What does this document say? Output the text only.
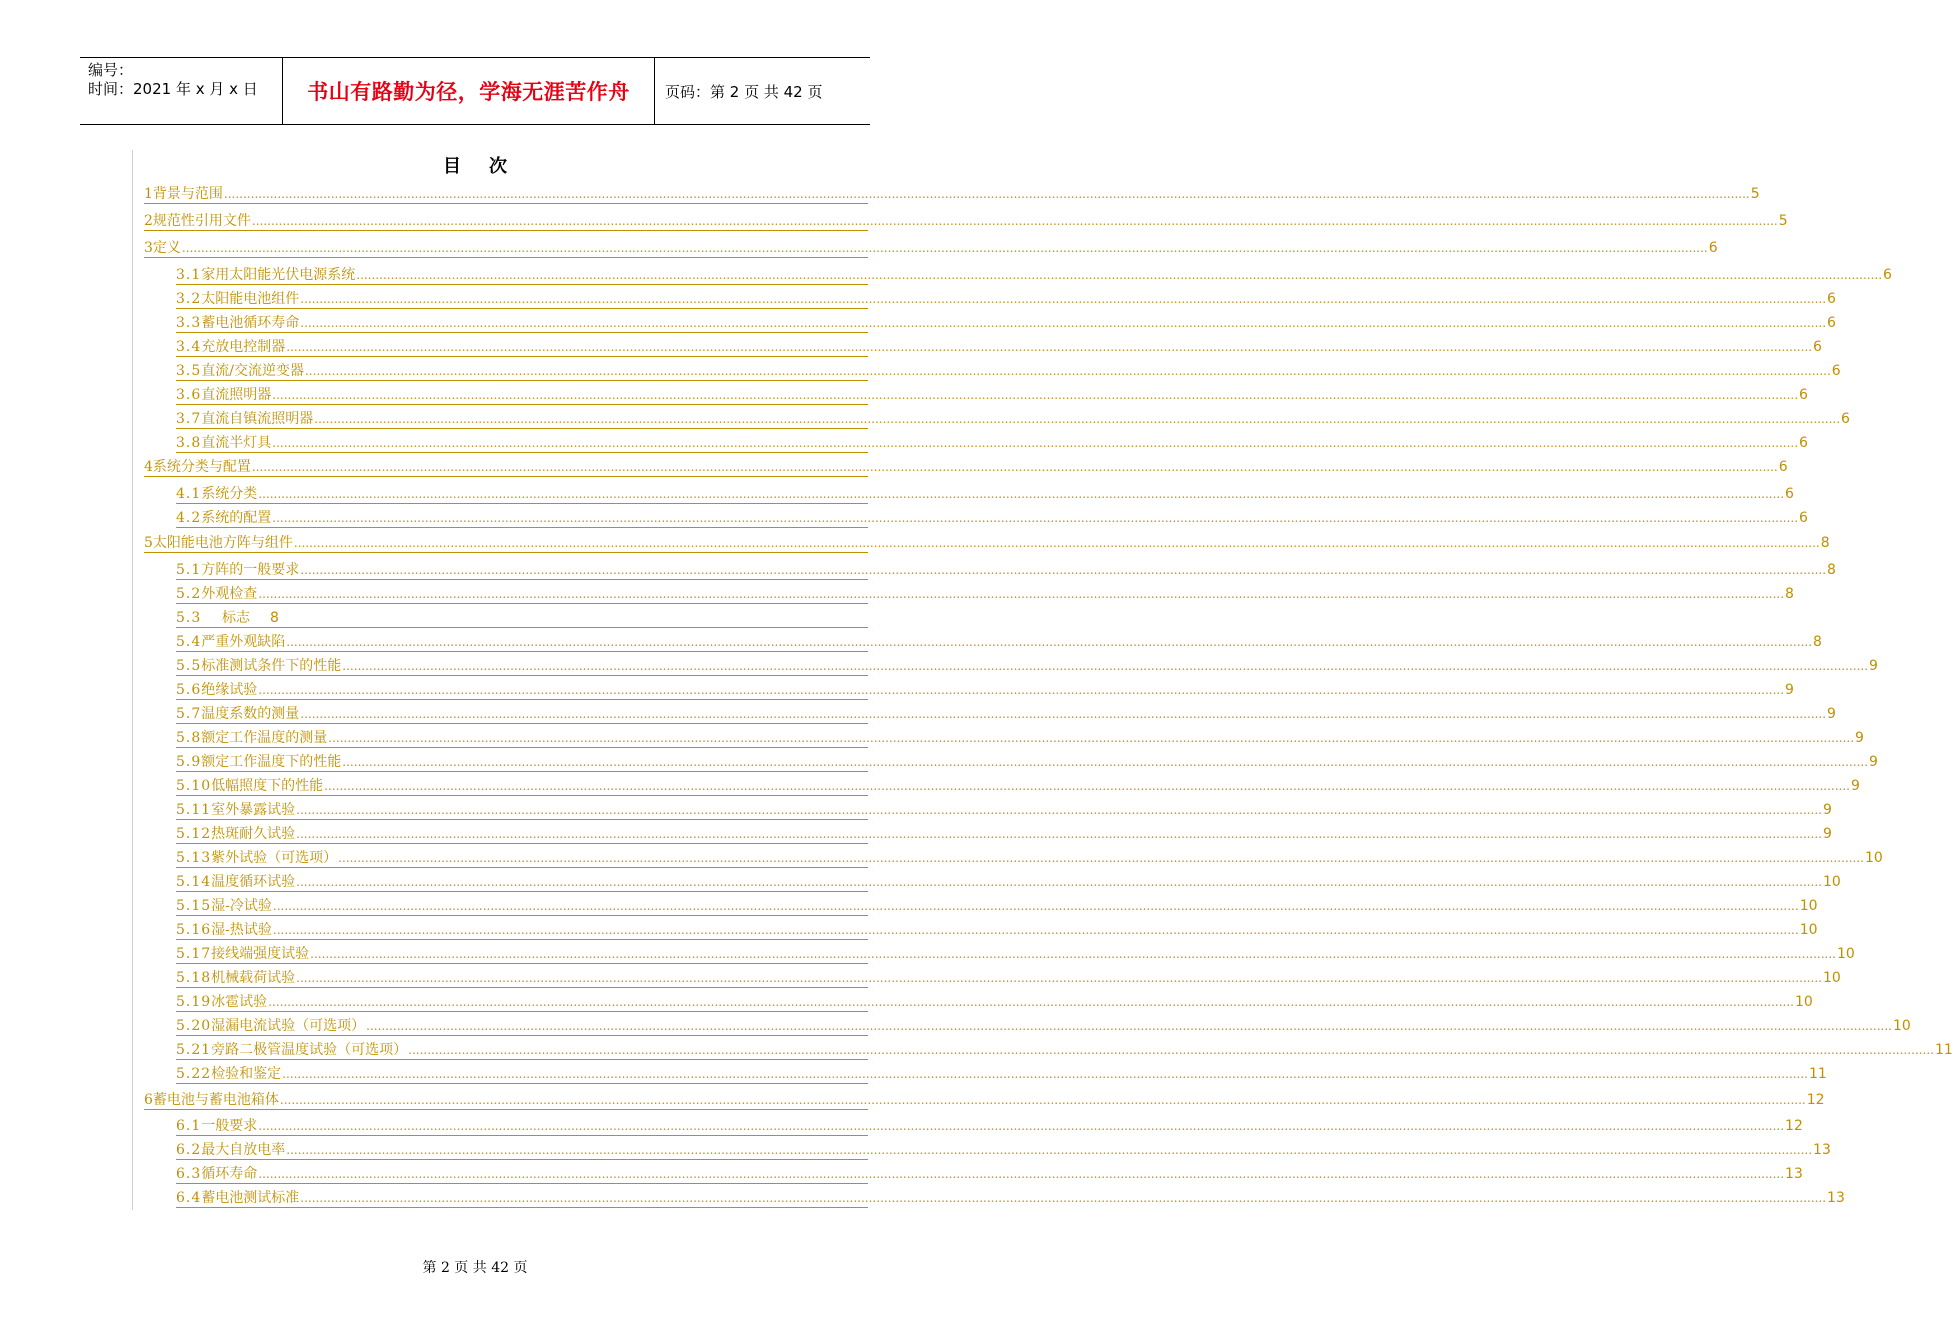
编号：
时间：2021 年 x 月 x 日	书山有路勤为径，学海无涯苦作舟 页码：第 2 页 共 42 页
目 次
1 背景与范围 ................................................................................................................................................................................................................................................................................................................................................................................................................ 5
2 规范性引用文件 ................................................................................................................................................................................................................................................................................................................................................................................................................ 5
3 定义 ................................................................................................................................................................................................................................................................................................................................................................................................................ 6
3.1 家用太阳能光伏电源系统 ................................................................................................................................................................................................................................................................................................................................................................................................................ 6
3.2 太阳能电池组件 ................................................................................................................................................................................................................................................................................................................................................................................................................ 6
3.3 蓄电池循环寿命 ................................................................................................................................................................................................................................................................................................................................................................................................................ 6
3.4 充放电控制器 ................................................................................................................................................................................................................................................................................................................................................................................................................ 6
3.5 直流/交流逆变器 ................................................................................................................................................................................................................................................................................................................................................................................................................ 6
3.6 直流照明器 ................................................................................................................................................................................................................................................................................................................................................................................................................ 6
3.7 直流自镇流照明器 ................................................................................................................................................................................................................................................................................................................................................................................................................ 6
3.8 直流半灯具 ................................................................................................................................................................................................................................................................................................................................................................................................................ 6
4 系统分类与配置 ................................................................................................................................................................................................................................................................................................................................................................................................................ 6
4.1 系统分类 ................................................................................................................................................................................................................................................................................................................................................................................................................ 6
4.2 系统的配置 ................................................................................................................................................................................................................................................................................................................................................................................................................ 6
5 太阳能电池方阵与组件 ................................................................................................................................................................................................................................................................................................................................................................................................................ 8
5.1 方阵的一般要求 ................................................................................................................................................................................................................................................................................................................................................................................................................ 8
5.2 外观检查 ................................................................................................................................................................................................................................................................................................................................................................................................................ 8
5.3	标志 8
5.4 严重外观缺陷 ................................................................................................................................................................................................................................................................................................................................................................................................................ 8
5.5 标准测试条件下的性能 ................................................................................................................................................................................................................................................................................................................................................................................................................ 9
5.6 绝缘试验 ................................................................................................................................................................................................................................................................................................................................................................................................................ 9
5.7 温度系数的测量 ................................................................................................................................................................................................................................................................................................................................................................................................................ 9
5.8 额定工作温度的测量 ................................................................................................................................................................................................................................................................................................................................................................................................................ 9
5.9 额定工作温度下的性能 ................................................................................................................................................................................................................................................................................................................................................................................................................ 9
5.10 低幅照度下的性能 ................................................................................................................................................................................................................................................................................................................................................................................................................ 9
5.11 室外暴露试验 ................................................................................................................................................................................................................................................................................................................................................................................................................ 9
5.12 热斑耐久试验 ................................................................................................................................................................................................................................................................................................................................................................................................................ 9
5.13 紫外试验（可选项） ................................................................................................................................................................................................................................................................................................................................................................................................................ 10
5.14 温度循环试验 ................................................................................................................................................................................................................................................................................................................................................................................................................ 10
5.15 湿-冷试验 ................................................................................................................................................................................................................................................................................................................................................................................................................ 10
5.16 湿-热试验 ................................................................................................................................................................................................................................................................................................................................................................................................................ 10
5.17 接线端强度试验 ................................................................................................................................................................................................................................................................................................................................................................................................................ 10
5.18 机械载荷试验 ................................................................................................................................................................................................................................................................................................................................................................................................................ 10
5.19 冰雹试验 ................................................................................................................................................................................................................................................................................................................................................................................................................ 10
5.20 湿漏电流试验（可选项） ................................................................................................................................................................................................................................................................................................................................................................................................................ 10
5.21 旁路二极管温度试验（可选项） ................................................................................................................................................................................................................................................................................................................................................................................................................ 11
5.22 检验和鉴定 ................................................................................................................................................................................................................................................................................................................................................................................................................ 11
6 蓄电池与蓄电池箱体 ................................................................................................................................................................................................................................................................................................................................................................................................................ 12
6.1 一般要求 ................................................................................................................................................................................................................................................................................................................................................................................................................ 12
6.2 最大自放电率 ................................................................................................................................................................................................................................................................................................................................................................................................................ 13
6.3 循环寿命 ................................................................................................................................................................................................................................................................................................................................................................................................................ 13
6.4 蓄电池测试标准 ................................................................................................................................................................................................................................................................................................................................................................................................................ 13
第 2 页 共 42 页
